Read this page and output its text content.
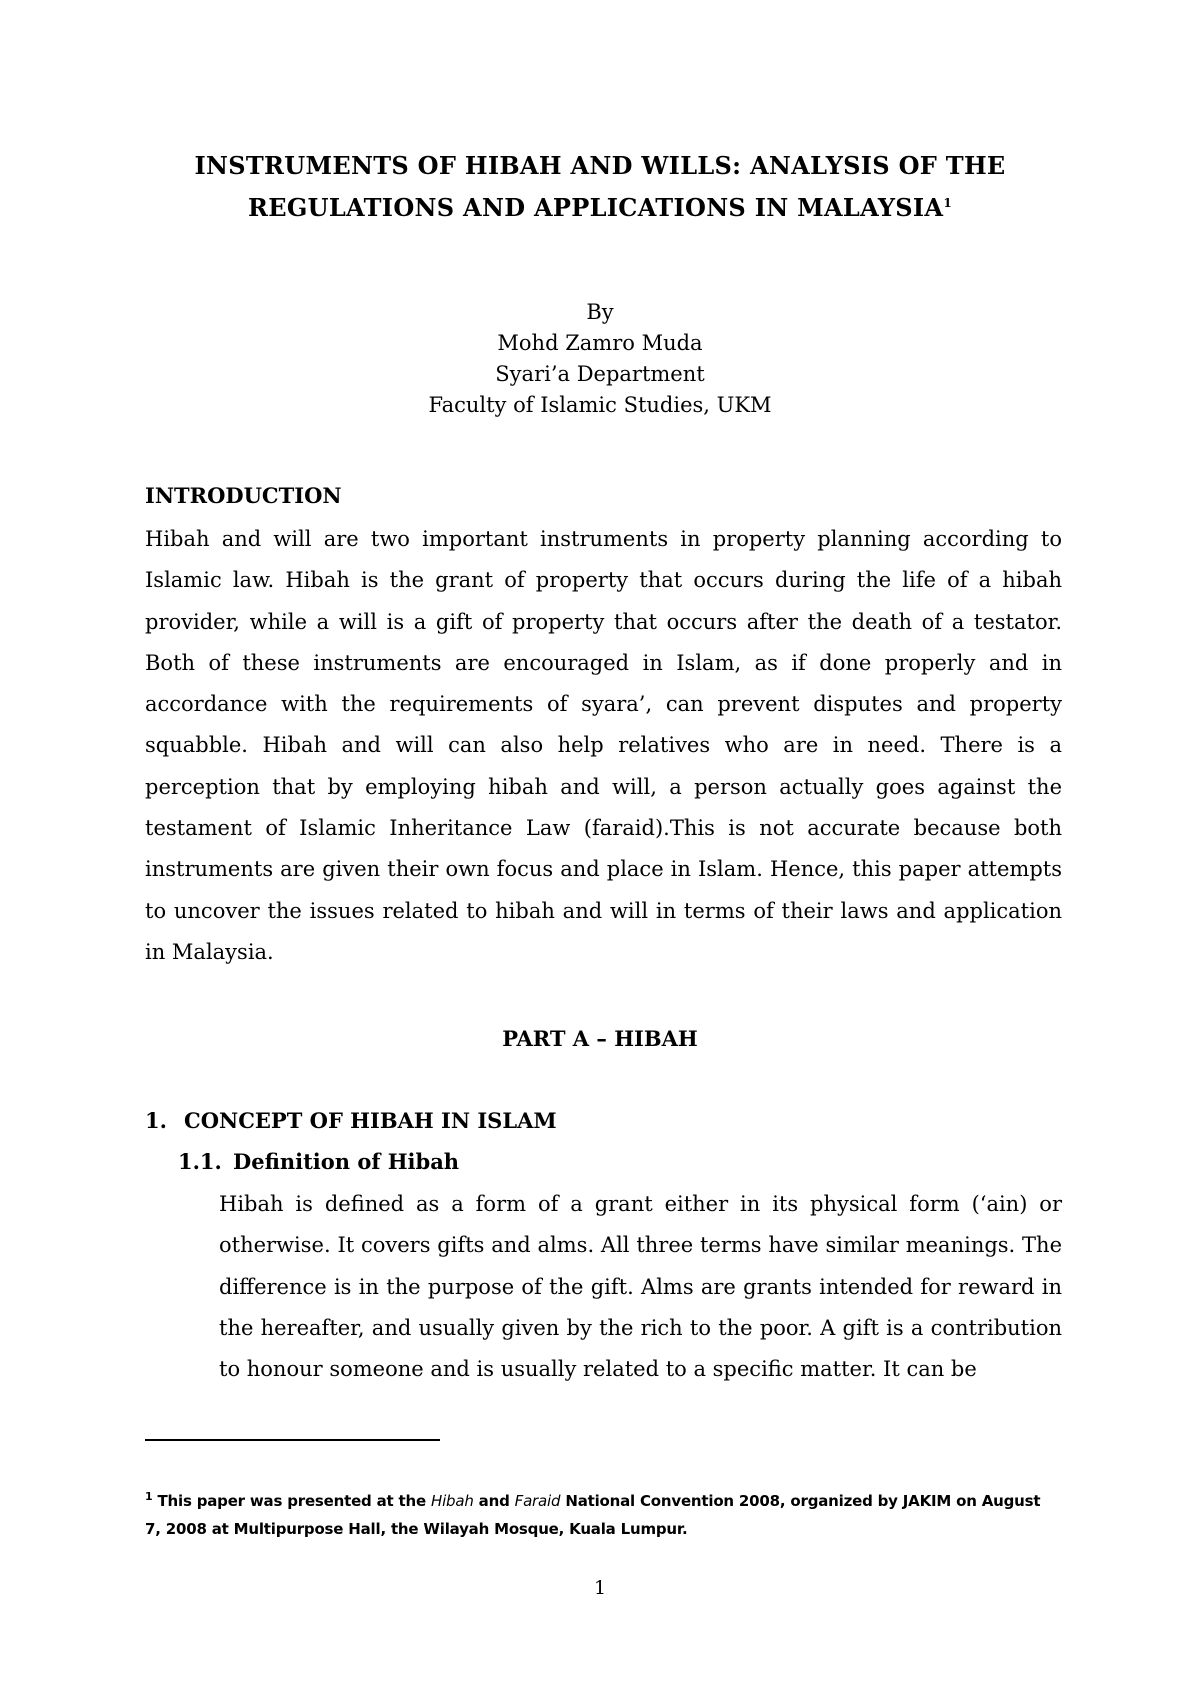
INSTRUMENTS OF HIBAH AND WILLS: ANALYSIS OF THE
REGULATIONS AND APPLICATIONS IN MALAYSIA$^1$
By
Mohd Zamro Muda
Syari’a Department
Faculty of Islamic Studies, UKM
INTRODUCTION
Hibah and will are two important instruments in property planning according to Islamic law. Hibah is the grant of property that occurs during the life of a hibah provider, while a will is a gift of property that occurs after the death of a testator. Both of these instruments are encouraged in Islam, as if done properly and in accordance with the requirements of syara’, can prevent disputes and property squabble. Hibah and will can also help relatives who are in need. There is a perception that by employing hibah and will, a person actually goes against the testament of Islamic Inheritance Law (faraid).This is not accurate because both instruments are given their own focus and place in Islam. Hence, this paper attempts to uncover the issues related to hibah and will in terms of their laws and application in Malaysia.
PART A – HIBAH
1. CONCEPT OF HIBAH IN ISLAM
1.1. Definition of Hibah
Hibah is defined as a form of a grant either in its physical form (‘ain) or otherwise. It covers gifts and alms. All three terms have similar meanings. The difference is in the purpose of the gift. Alms are grants intended for reward in the hereafter, and usually given by the rich to the poor. A gift is a contribution to honour someone and is usually related to a specific matter. It can be
$^1$ This paper was presented at the Hibah and Faraid National Convention 2008, organized by JAKIM on August
7, 2008 at Multipurpose Hall, the Wilayah Mosque, Kuala Lumpur.
1
